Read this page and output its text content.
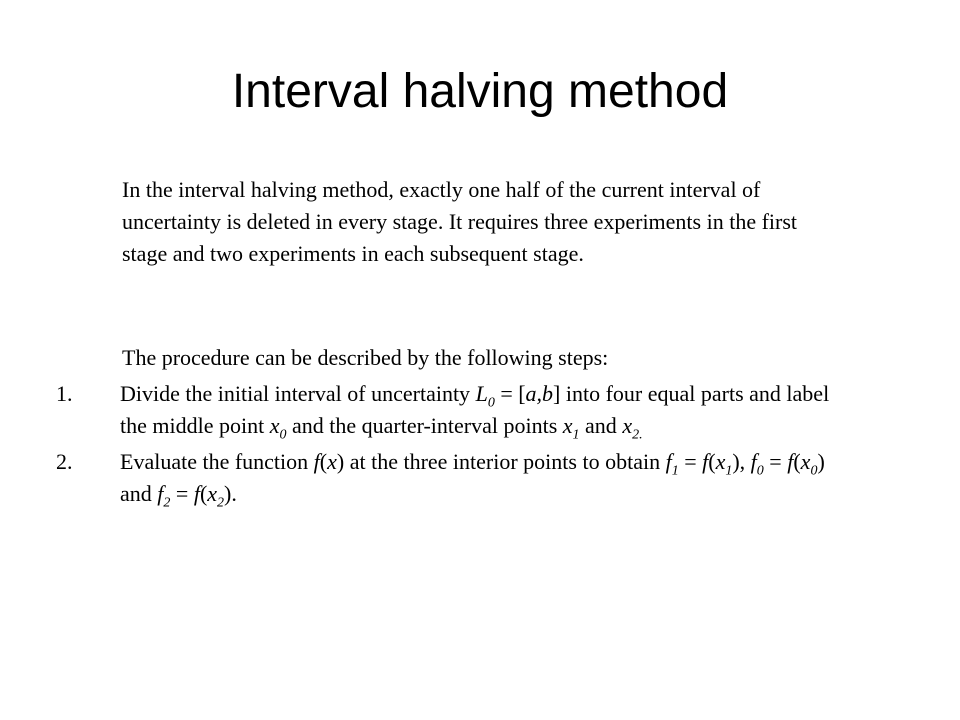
Interval halving method

In the interval halving method, exactly one half of the current interval of uncertainty is deleted in every stage. It requires three experiments in the first stage and two experiments in each subsequent stage.

The procedure can be described by the following steps:

1.	Divide the initial interval of uncertainty $L_0 = [a,b]$ into four equal parts and label the middle point $x_0$ and the quarter-interval points $x_1$ and $x_{2.}$
2.	Evaluate the function f(x) at the three interior points to obtain $f_1 = f(x_1)$, $f_0 = f(x_0)$ and $f_2 = f(x_2)$.
